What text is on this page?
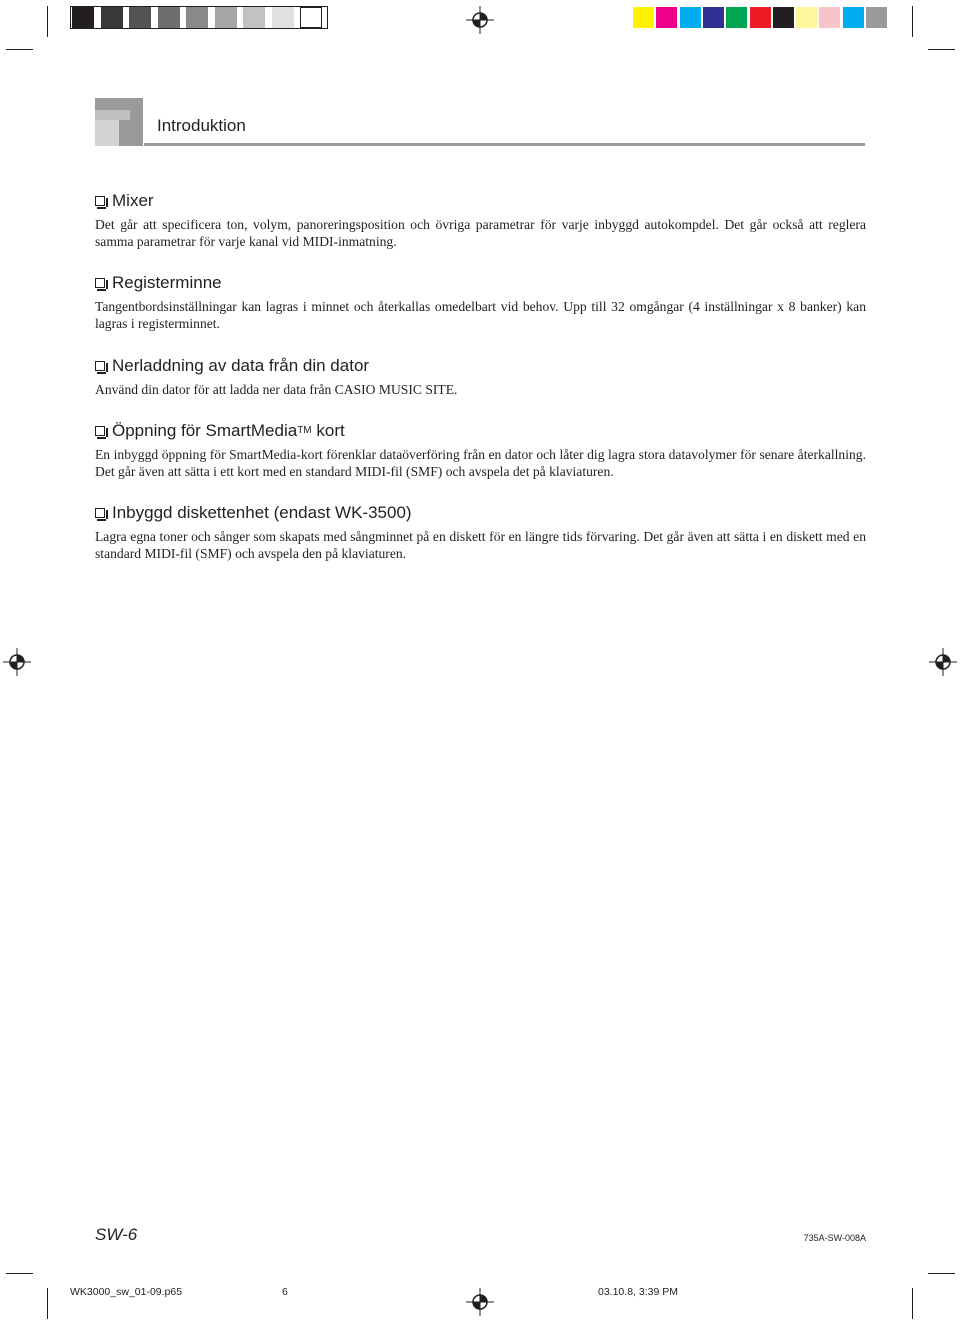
Introduktion
Mixer
Det går att specificera ton, volym, panoreringsposition och övriga parametrar för varje inbyggd autokompdel. Det går också att reglera samma parametrar för varje kanal vid MIDI-inmatning.
Registerminne
Tangentbordsinställningar kan lagras i minnet och återkallas omedelbart vid behov. Upp till 32 omgångar (4 inställningar x 8 banker) kan lagras i registerminnet.
Nerladdning av data från din dator
Använd din dator för att ladda ner data från CASIO MUSIC SITE.
Öppning för SmartMedia TM kort
En inbyggd öppning för SmartMedia-kort förenklar dataöverföring från en dator och låter dig lagra stora datavolymer för senare återkallning. Det går även att sätta i ett kort med en standard MIDI-fil (SMF) och avspela det på klaviaturen.
Inbyggd diskettenhet (endast WK-3500)
Lagra egna toner och sånger som skapats med sångminnet på en diskett för en längre tids förvaring. Det går även att sätta i en diskett med en standard MIDI-fil (SMF) och avspela den på klaviaturen.
SW-6	735A-SW-008A
WK3000_sw_01-09.p65	6	03.10.8, 3:39 PM
